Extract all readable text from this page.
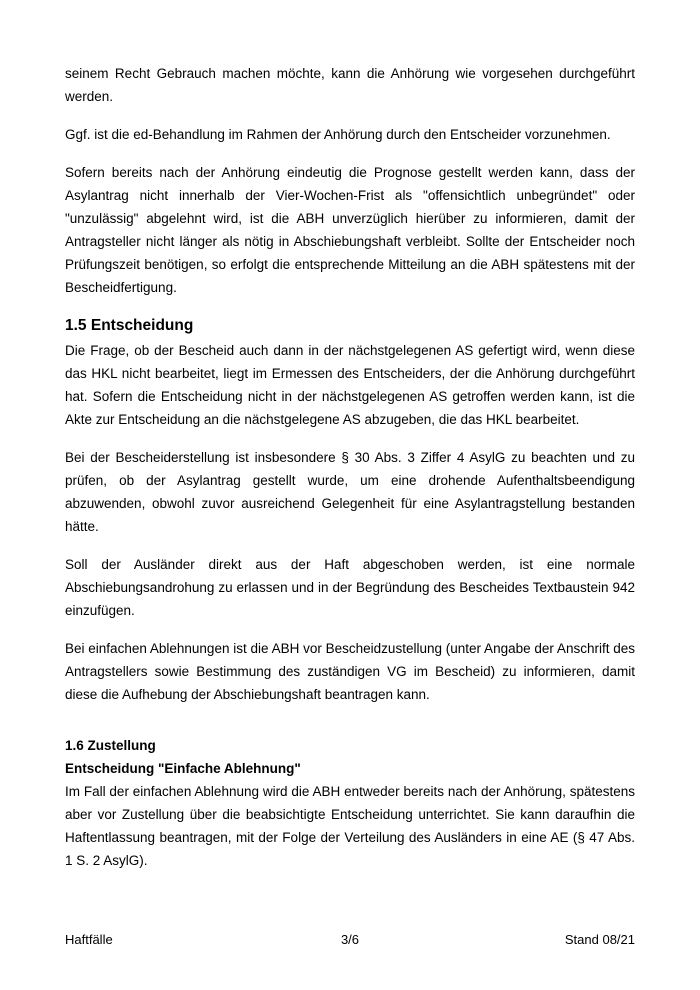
seinem Recht Gebrauch machen möchte, kann die Anhörung wie vorgesehen durchgeführt werden.

Ggf. ist die ed-Behandlung im Rahmen der Anhörung durch den Entscheider vorzunehmen.

Sofern bereits nach der Anhörung eindeutig die Prognose gestellt werden kann, dass der Asylantrag nicht innerhalb der Vier-Wochen-Frist als "offensichtlich unbegründet" oder "unzulässig" abgelehnt wird, ist die ABH unverzüglich hierüber zu informieren, damit der Antragsteller nicht länger als nötig in Abschiebungshaft verbleibt. Sollte der Entscheider noch Prüfungszeit benötigen, so erfolgt die entsprechende Mitteilung an die ABH spätestens mit der Bescheidfertigung.

1.5 Entscheidung

Die Frage, ob der Bescheid auch dann in der nächstgelegenen AS gefertigt wird, wenn diese das HKL nicht bearbeitet, liegt im Ermessen des Entscheiders, der die Anhörung durchgeführt hat. Sofern die Entscheidung nicht in der nächstgelegenen AS getroffen werden kann, ist die Akte zur Entscheidung an die nächstgelegene AS abzugeben, die das HKL bearbeitet.

Bei der Bescheiderstellung ist insbesondere § 30 Abs. 3 Ziffer 4 AsylG zu beachten und zu prüfen, ob der Asylantrag gestellt wurde, um eine drohende Aufenthaltsbeendigung abzuwenden, obwohl zuvor ausreichend Gelegenheit für eine Asylantragstellung bestanden hätte.

Soll der Ausländer direkt aus der Haft abgeschoben werden, ist eine normale Abschiebungsandrohung zu erlassen und in der Begründung des Bescheides Textbaustein 942 einzufügen.

Bei einfachen Ablehnungen ist die ABH vor Bescheidzustellung (unter Angabe der Anschrift des Antragstellers sowie Bestimmung des zuständigen VG im Bescheid) zu informieren, damit diese die Aufhebung der Abschiebungshaft beantragen kann.

1.6 Zustellung
Entscheidung "Einfache Ablehnung"

Im Fall der einfachen Ablehnung wird die ABH entweder bereits nach der Anhörung, spätestens aber vor Zustellung über die beabsichtigte Entscheidung unterrichtet. Sie kann daraufhin die Haftentlassung beantragen, mit der Folge der Verteilung des Ausländers in eine AE (§ 47 Abs. 1 S. 2 AsylG).

Haftfälle	3/6	Stand 08/21
